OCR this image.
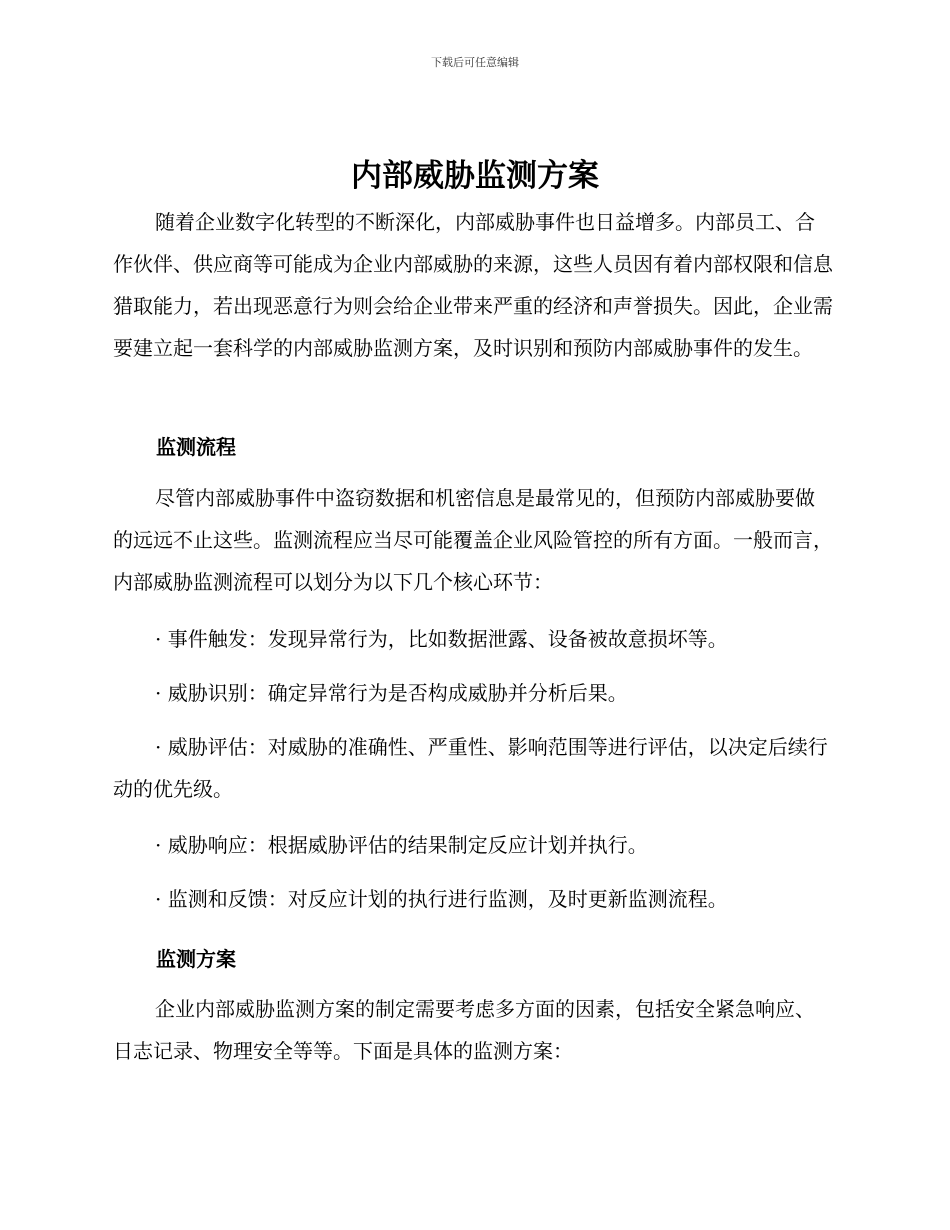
下载后可任意编辑
内部威胁监测方案

随着企业数字化转型的不断深化，内部威胁事件也日益增多。内部员工、合作伙伴、供应商等可能成为企业内部威胁的来源，这些人员因有着内部权限和信息猎取能力，若出现恶意行为则会给企业带来严重的经济和声誉损失。因此，企业需要建立起一套科学的内部威胁监测方案，及时识别和预防内部威胁事件的发生。

监测流程

尽管内部威胁事件中盗窃数据和机密信息是最常见的，但预防内部威胁要做的远远不止这些。监测流程应当尽可能覆盖企业风险管控的所有方面。一般而言，内部威胁监测流程可以划分为以下几个核心环节：

· 事件触发：发现异常行为，比如数据泄露、设备被故意损坏等。

· 威胁识别：确定异常行为是否构成威胁并分析后果。

· 威胁评估：对威胁的准确性、严重性、影响范围等进行评估，以决定后续行动的优先级。

· 威胁响应：根据威胁评估的结果制定反应计划并执行。

· 监测和反馈：对反应计划的执行进行监测，及时更新监测流程。

监测方案

企业内部威胁监测方案的制定需要考虑多方面的因素，包括安全紧急响应、日志记录、物理安全等等。下面是具体的监测方案：
